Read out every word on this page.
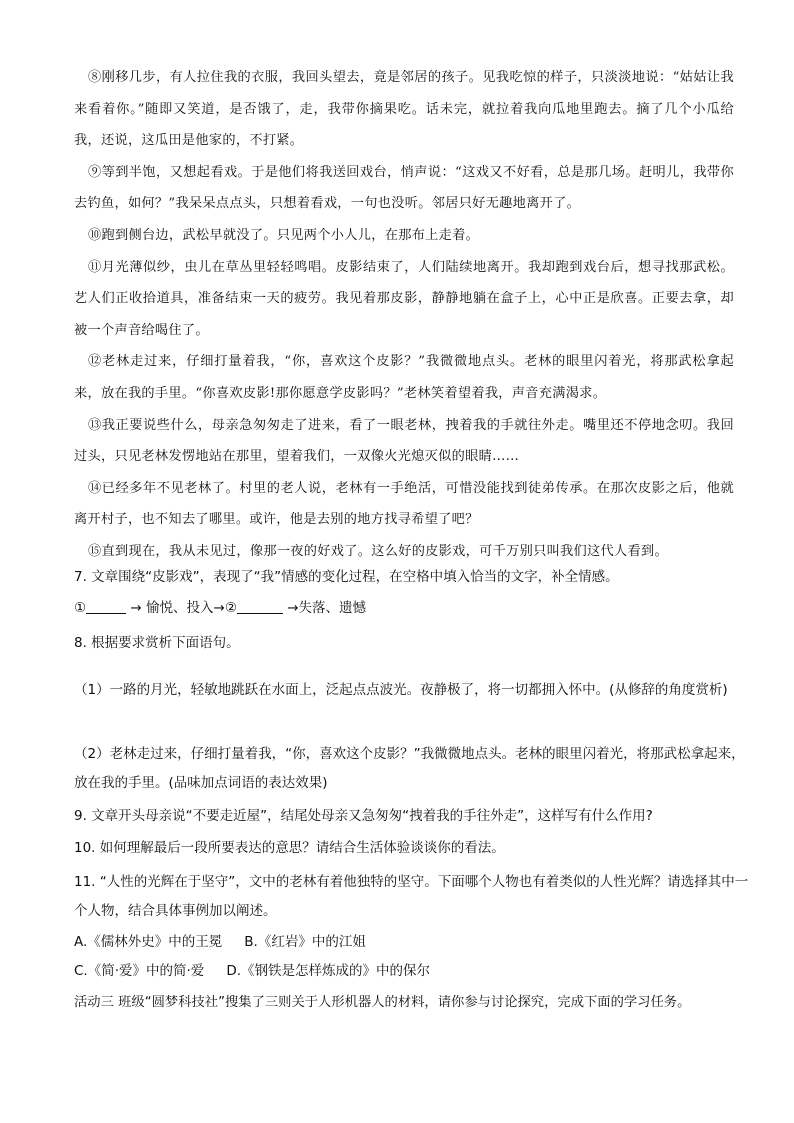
⑧刚移几步，有人拉住我的衣服，我回头望去，竟是邻居的孩子。见我吃惊的样子，只淡淡地说：“姑姑让我来看着你。”随即又笑道，是否饿了，走，我带你摘果吃。话未完，就拉着我向瓜地里跑去。摘了几个小瓜给我，还说，这瓜田是他家的，不打紧。

⑨等到半饱，又想起看戏。于是他们将我送回戏台，悄声说：“这戏又不好看，总是那几场。赶明儿，我带你去钓鱼，如何？”我呆呆点点头，只想着看戏，一句也没听。邻居只好无趣地离开了。

⑩跑到侧台边，武松早就没了。只见两个小人儿，在那布上走着。

⑪月光薄似纱，虫儿在草丛里轻轻鸣唱。皮影结束了，人们陆续地离开。我却跑到戏台后，想寻找那武松。艺人们正收拾道具，准备结束一天的疲劳。我见着那皮影，静静地躺在盒子上，心中正是欣喜。正要去拿，却被一个声音给喝住了。

⑫老林走过来，仔细打量着我，“你，喜欢这个皮影？”我微微地点头。老林的眼里闪着光，将那武松拿起来，放在我的手里。“你喜欢皮影!那你愿意学皮影吗？”老林笑着望着我，声音充满渴求。

⑬我正要说些什么，母亲急匆匆走了进来，看了一眼老林，拽着我的手就往外走。嘴里还不停地念叨。我回过头，只见老林发愣地站在那里，望着我们，一双像火光熄灭似的眼睛……

⑭已经多年不见老林了。村里的老人说，老林有一手绝活，可惜没能找到徒弟传承。在那次皮影之后，他就离开村子，也不知去了哪里。或许，他是去别的地方找寻希望了吧？

⑮直到现在，我从未见过，像那一夜的好戏了。这么好的皮影戏，可千万别只叫我们这代人看到。

7. 文章围绕“皮影戏”，表现了“我”情感的变化过程，在空格中填入恰当的文字，补全情感。
①	→ 愉悦、投入→②	→失落、遗憾
8. 根据要求赏析下面语句。
（1）一路的月光，轻敏地跳跃在水面上，泛起点点波光。夜静极了，将一切都拥入怀中。(从修辞的角度赏析)
（2）老林走过来，仔细打量着我，“你，喜欢这个皮影？”我微微地点头。老林的眼里闪着光，将那武松拿起来，放在我的手里。(品味加点词语的表达效果)
9. 文章开头母亲说“不要走近屋”，结尾处母亲又急匆匆“拽着我的手往外走”，这样写有什么作用?
10. 如何理解最后一段所要表达的意思？请结合生活体验谈谈你的看法。
11. “人性的光辉在于坚守”，文中的老林有着他独特的坚守。下面哪个人物也有着类似的人性光辉？请选择其中一个人物，结合具体事例加以阐述。
A.《儒林外史》中的王冕 B.《红岩》中的江姐
C.《简·爱》中的简·爱 D.《钢铁是怎样炼成的》中的保尔
活动三 班级“圆梦科技社”搜集了三则关于人形机器人的材料，请你参与讨论探究，完成下面的学习任务。
